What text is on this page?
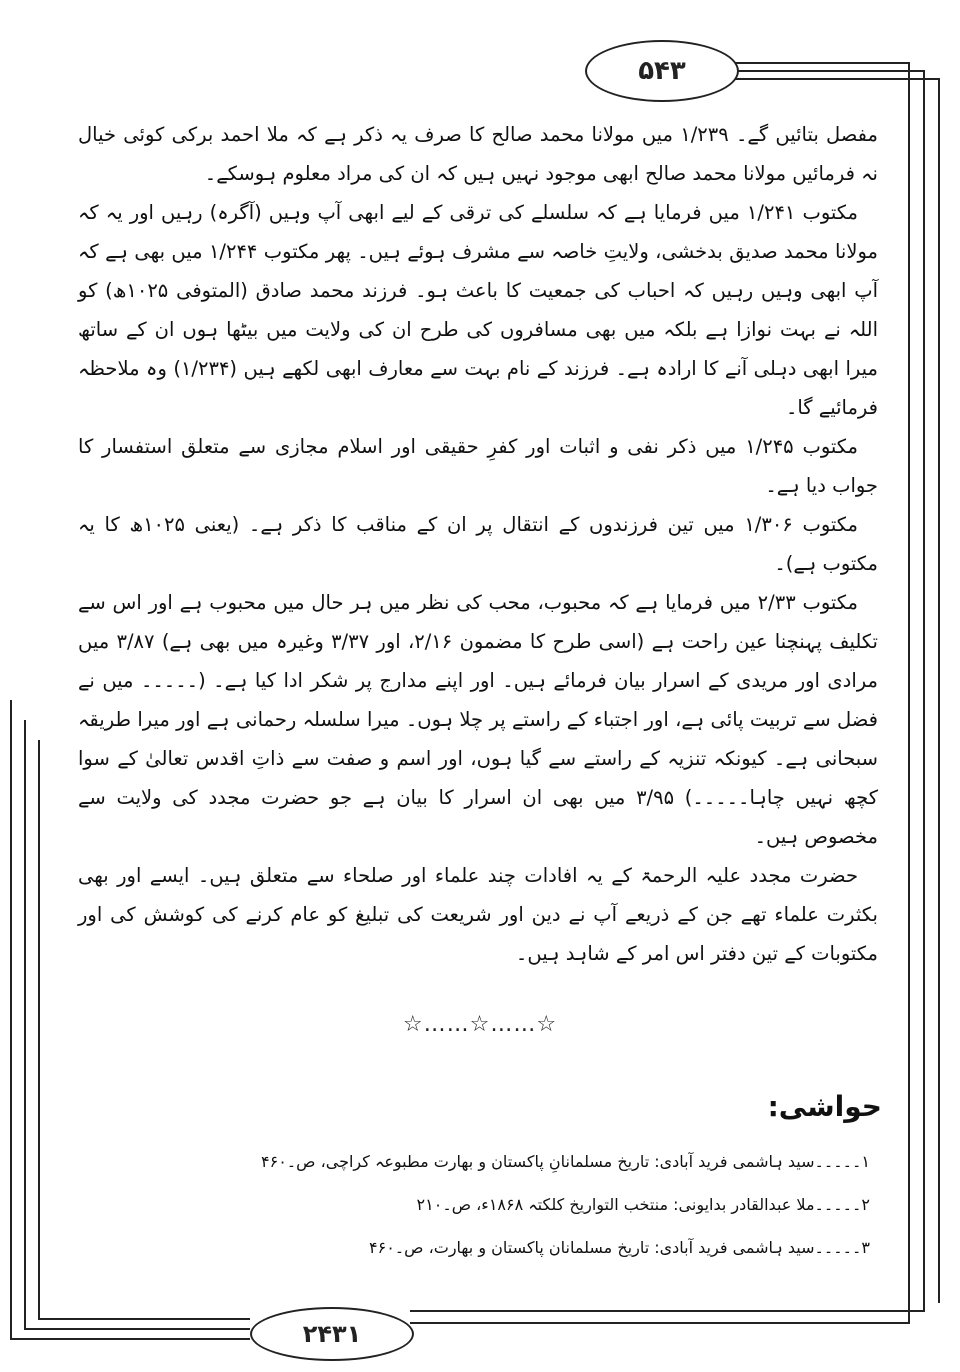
۵۴۳

مفصل بتائیں گے۔ ۱/۲۳۹ میں مولانا محمد صالح کا صرف یہ ذکر ہے کہ ملا احمد برکی کوئی خیال نہ فرمائیں مولانا محمد صالح ابھی موجود نہیں ہیں کہ ان کی مراد معلوم ہوسکے۔

مکتوب ۱/۲۴۱ میں فرمایا ہے کہ سلسلے کی ترقی کے لیے ابھی آپ وہیں (آگرہ) رہیں اور یہ کہ مولانا محمد صدیق بدخشی، ولایتِ خاصہ سے مشرف ہوئے ہیں۔ پھر مکتوب ۱/۲۴۴ میں بھی ہے کہ آپ ابھی وہیں رہیں کہ احباب کی جمعیت کا باعث ہو۔ فرزند محمد صادق (المتوفی ۱۰۲۵ھ) کو اللہ نے بہت نوازا ہے بلکہ میں بھی مسافروں کی طرح ان کی ولایت میں بیٹھا ہوں ان کے ساتھ میرا ابھی دہلی آنے کا ارادہ ہے۔ فرزند کے نام بہت سے معارف ابھی لکھے ہیں (۱/۲۳۴) وہ ملاحظہ فرمائیے گا۔

مکتوب ۱/۲۴۵ میں ذکر نفی و اثبات اور کفرِ حقیقی اور اسلام مجازی سے متعلق استفسار کا جواب دیا ہے۔

مکتوب ۱/۳۰۶ میں تین فرزندوں کے انتقال پر ان کے مناقب کا ذکر ہے۔ (یعنی ۱۰۲۵ھ کا یہ مکتوب ہے)۔

مکتوب ۲/۳۳ میں فرمایا ہے کہ محبوب، محب کی نظر میں ہر حال میں محبوب ہے اور اس سے تکلیف پہنچنا عین راحت ہے (اسی طرح کا مضمون ۲/۱۶، اور ۳/۳۷ وغیرہ میں بھی ہے) ۳/۸۷ میں مرادی اور مریدی کے اسرار بیان فرمائے ہیں۔ اور اپنے مدارج پر شکر ادا کیا ہے۔ (۔۔۔۔۔ میں نے فضل سے تربیت پائی ہے، اور اجتباء کے راستے پر چلا ہوں۔ میرا سلسلہ رحمانی ہے اور میرا طریقہ سبحانی ہے۔ کیونکہ تنزیہ کے راستے سے گیا ہوں، اور اسم و صفت سے ذاتِ اقدس تعالیٰ کے سوا کچھ نہیں چاہا۔۔۔۔۔) ۳/۹۵ میں بھی ان اسرار کا بیان ہے جو حضرت مجدد کی ولایت سے مخصوص ہیں۔

حضرت مجدد علیہ الرحمۃ کے یہ افادات چند علماء اور صلحاء سے متعلق ہیں۔ ایسے اور بھی بکثرت علماء تھے جن کے ذریعے آپ نے دین اور شریعت کی تبلیغ کو عام کرنے کی کوشش کی اور مکتوبات کے تین دفتر اس امر کے شاہد ہیں۔

☆……☆……☆
حواشی:
۱۔۔۔۔۔سید ہاشمی فرید آبادی: تاریخ مسلمانانِ پاکستان و بھارت مطبوعہ کراچی، ص۔۴۶۰
۲۔۔۔۔۔ملا عبدالقادر بدایونی: منتخب التواریخ کلکتہ ۱۸۶۸ء، ص۔۲۱۰
۳۔۔۔۔۔سید ہاشمی فرید آبادی: تاریخ مسلمانان پاکستان و بھارت، ص۔۴۶۰
۲۴۳۱
